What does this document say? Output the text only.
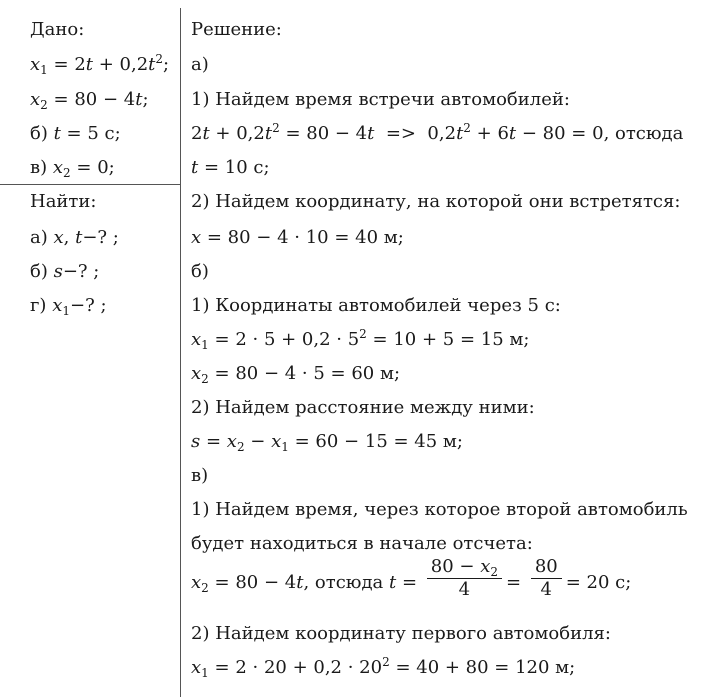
Дано:
$x_1 = 2t + 0,2t^2$;
$x_2 = 80 - 4t$;
б) t = 5 с;
в) $x_2 = 0$;
Найти:
а) x, t−? ;
б) s−? ;
г) $x_1-$? ;
Решение:
а)
1) Найдем время встречи автомобилей:
$2t + 0,2t^2 = 80 - 4t => 0,2t^2 + 6t - 80 = 0$, отсюда
t = 10 с;
2) Найдем координату, на которой они встретятся:
x = 80 − 4 · 10 = 40 м;
б)
1) Координаты автомобилей через 5 с:
$x_1 = 2 \cdot 5 + 0,2 \cdot 5^2 = 10 + 5 = 15$ м;
$x_2 = 80 - 4 \cdot 5 = 60$ м;
2) Найдем расстояние между ними:
$s = x_2 - x_1 = 60 - 15 = 45$ м;
в)
1) Найдем время, через которое второй автомобиль
будет находиться в начале отсчета:
$x_2 = 80 - 4t$, отсюда $t = \frac{80 - x_2}{4} = \frac{80}{4} = 20$ с;
2) Найдем координату первого автомобиля:
$x_1 = 2 \cdot 20 + 0,2 \cdot 20^2 = 40 + 80 = 120$ м;
